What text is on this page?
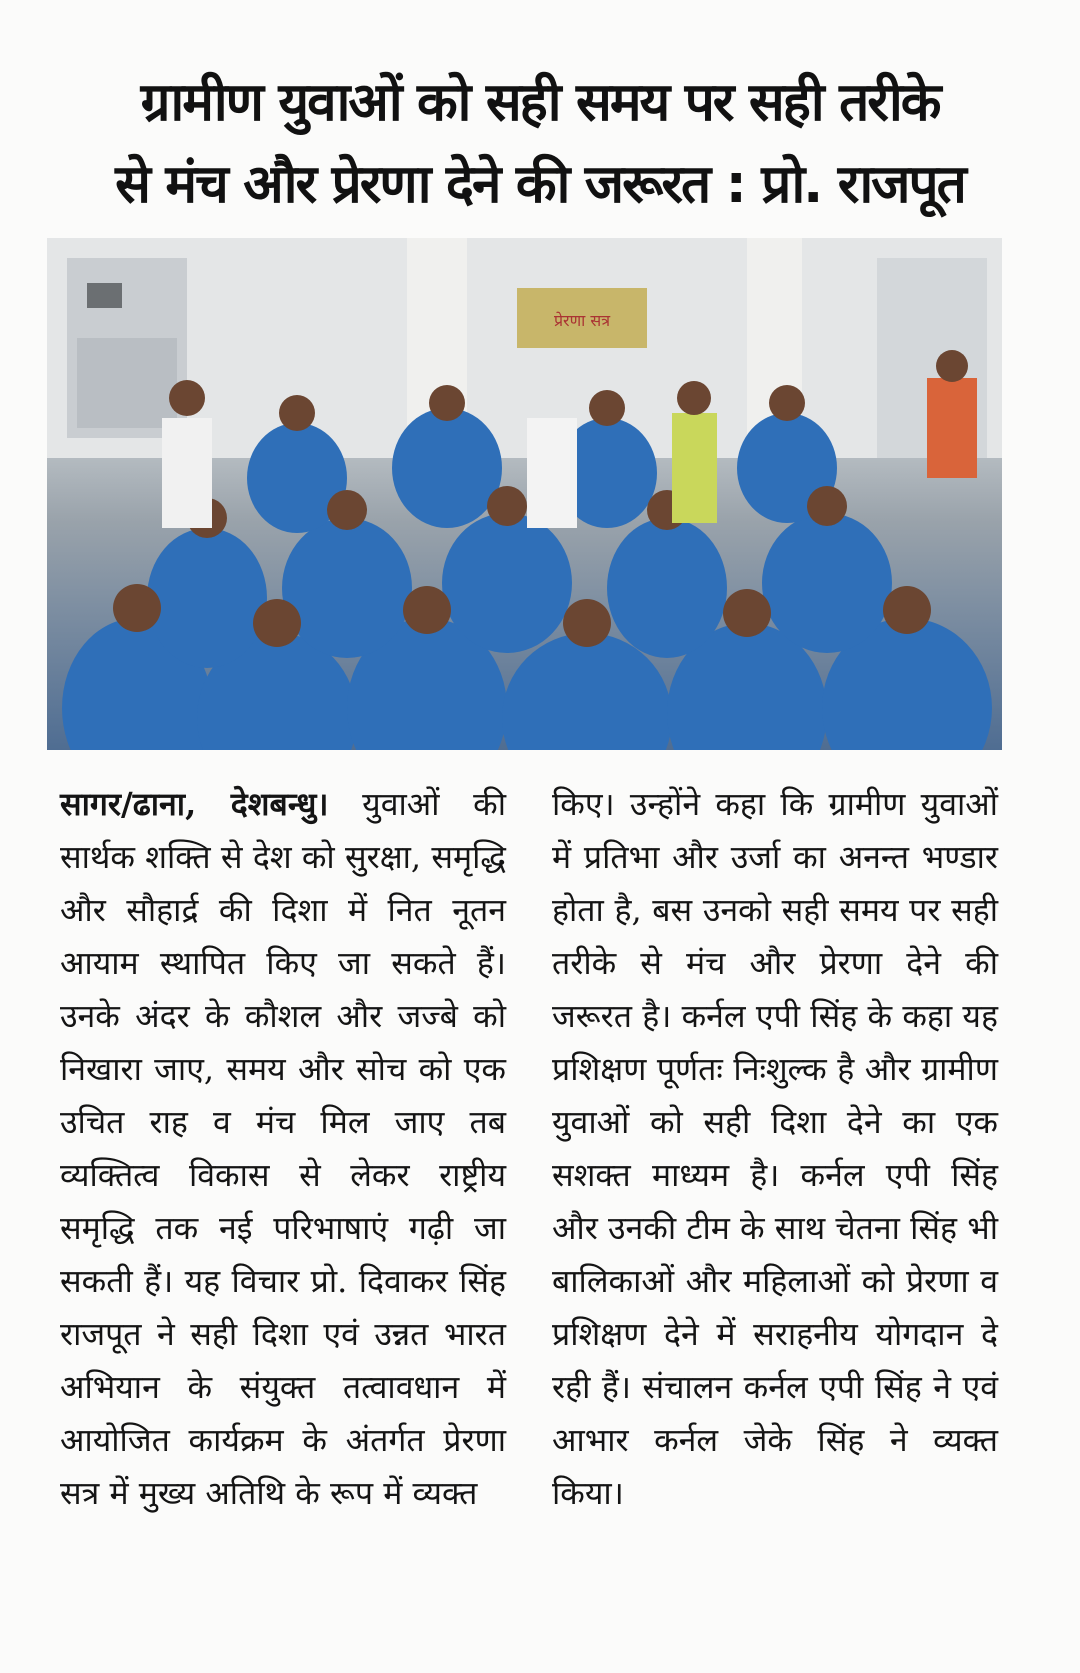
ग्रामीण युवाओं को सही समय पर सही तरीके
से मंच और प्रेरणा देने की जरूरत : प्रो. राजपूत
प्रेरणा सत्र
सागर/ढाना, देशबन्धु। युवाओं की सार्थक शक्ति से देश को सुरक्षा, समृद्धि और सौहार्द्र की दिशा में नित नूतन आयाम स्थापित किए जा सकते हैं। उनके अंदर के कौशल और जज्बे को निखारा जाए, समय और सोच को एक उचित राह व मंच मिल जाए तब व्यक्तित्व विकास से लेकर राष्ट्रीय समृद्धि तक नई परिभाषाएं गढ़ी जा सकती हैं। यह विचार प्रो. दिवाकर सिंह राजपूत ने सही दिशा एवं उन्नत भारत अभियान के संयुक्त तत्वावधान में आयोजित कार्यक्रम के अंतर्गत प्रेरणा सत्र में मुख्य अतिथि के रूप में व्यक्त
किए। उन्होंने कहा कि ग्रामीण युवाओं में प्रतिभा और उर्जा का अनन्त भण्डार होता है, बस उनको सही समय पर सही तरीके से मंच और प्रेरणा देने की जरूरत है। कर्नल एपी सिंह के कहा यह प्रशिक्षण पूर्णतः निःशुल्क है और ग्रामीण युवाओं को सही दिशा देने का एक सशक्त माध्यम है। कर्नल एपी सिंह और उनकी टीम के साथ चेतना सिंह भी बालिकाओं और महिलाओं को प्रेरणा व प्रशिक्षण देने में सराहनीय योगदान दे रही हैं। संचालन कर्नल एपी सिंह ने एवं आभार कर्नल जेके सिंह ने व्यक्त किया।
